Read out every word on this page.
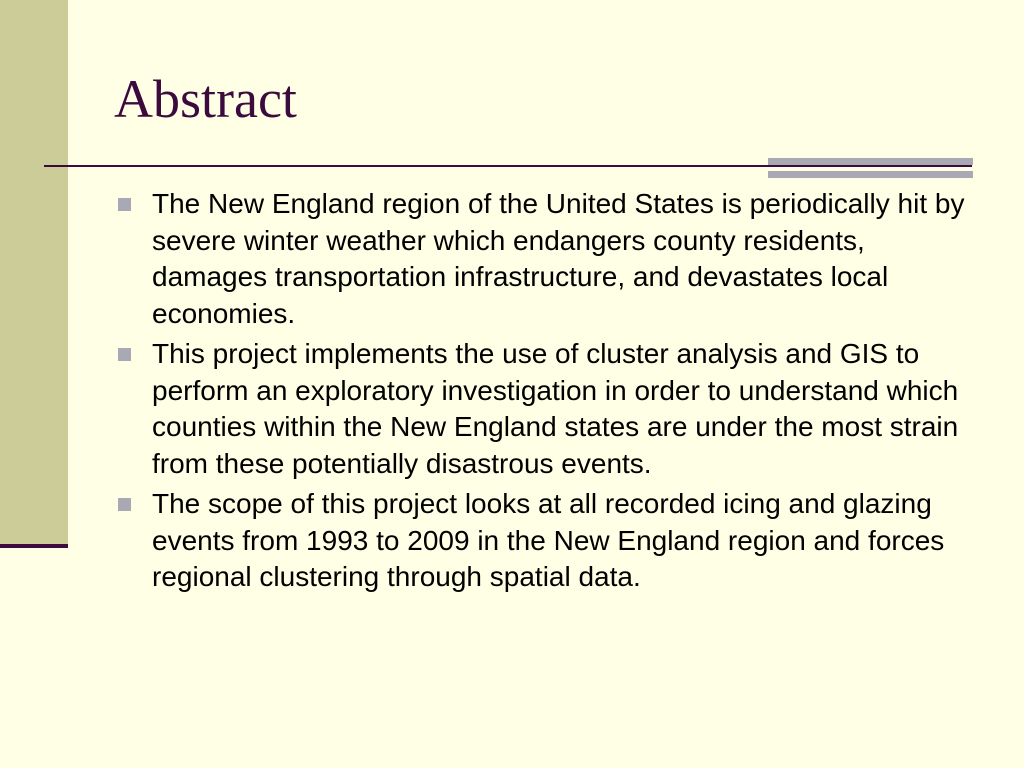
Abstract
The New England region of the United States is periodically hit by severe winter weather which endangers county residents, damages transportation infrastructure, and devastates local economies.
This project implements the use of cluster analysis and GIS to perform an exploratory investigation in order to understand which counties within the New England states are under the most strain from these potentially disastrous events.
The scope of this project looks at all recorded icing and glazing events from 1993 to 2009 in the New England region and forces regional clustering through spatial data.
